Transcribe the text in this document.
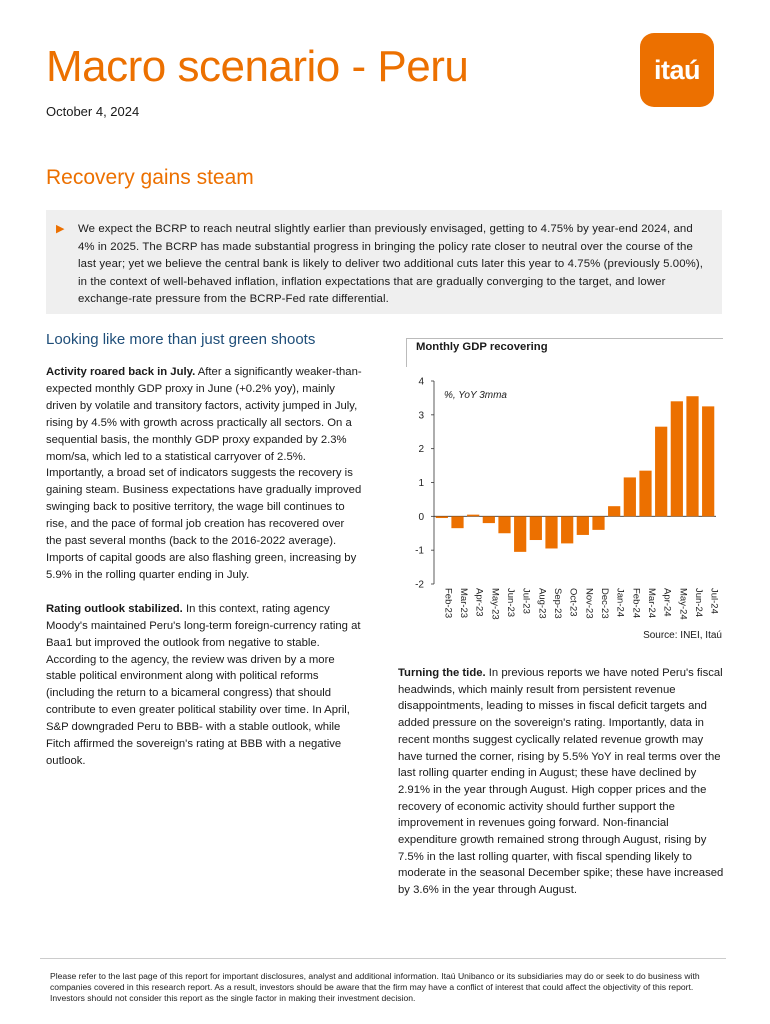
Macro scenario - Peru
October 4, 2024
itaú
Recovery gains steam
▶ We expect the BCRP to reach neutral slightly earlier than previously envisaged, getting to 4.75% by year-end 2024, and 4% in 2025. The BCRP has made substantial progress in bringing the policy rate closer to neutral over the course of the last year; yet we believe the central bank is likely to deliver two additional cuts later this year to 4.75% (previously 5.00%), in the context of well-behaved inflation, inflation expectations that are gradually converging to the target, and lower exchange-rate pressure from the BCRP-Fed rate differential.

Looking like more than just green shoots

Activity roared back in July. After a significantly weaker-than-expected monthly GDP proxy in June (+0.2% yoy), mainly driven by volatile and transitory factors, activity jumped in July, rising by 4.5% with growth across practically all sectors. On a sequential basis, the monthly GDP proxy expanded by 2.3% mom/sa, which led to a statistical carryover of 2.5%. Importantly, a broad set of indicators suggests the recovery is gaining steam. Business expectations have gradually improved swinging back to positive territory, the wage bill continues to rise, and the pace of formal job creation has recovered over the past several months (back to the 2016-2022 average). Imports of capital goods are also flashing green, increasing by 5.9% in the rolling quarter ending in July.

Rating outlook stabilized. In this context, rating agency Moody's maintained Peru's long-term foreign-currency rating at Baa1 but improved the outlook from negative to stable. According to the agency, the review was driven by a more stable political environment along with political reforms (including the return to a bicameral congress) that should contribute to even greater political stability over time. In April, S&P downgraded Peru to BBB- with a stable outlook, while Fitch affirmed the sovereign's rating at BBB with a negative outlook.

Monthly GDP recovering
-2
-1
0
1
2
3
4
%, YoY 3mma
Feb-23 Mar-23 Apr-23 May-23 Jun-23 Jul-23 Aug-23 Sep-23 Oct-23 Nov-23 Dec-23 Jan-24 Feb-24 Mar-24 Apr-24 May-24 Jun-24 Jul-24
Source: INEI, Itaú

Turning the tide. In previous reports we have noted Peru's fiscal headwinds, which mainly result from persistent revenue disappointments, leading to misses in fiscal deficit targets and added pressure on the sovereign's rating. Importantly, data in recent months suggest cyclically related revenue growth may have turned the corner, rising by 5.5% YoY in real terms over the last rolling quarter ending in August; these have declined by 2.91% in the year through August. High copper prices and the recovery of economic activity should further support the improvement in revenues going forward. Non-financial expenditure growth remained strong through August, rising by 7.5% in the last rolling quarter, with fiscal spending likely to moderate in the seasonal December spike; these have increased by 3.6% in the year through August.

Please refer to the last page of this report for important disclosures, analyst and additional information. Itaú Unibanco or its subsidiaries may do or seek to do business with companies covered in this research report. As a result, investors should be aware that the firm may have a conflict of interest that could affect the objectivity of this report. Investors should not consider this report as the single factor in making their investment decision.
